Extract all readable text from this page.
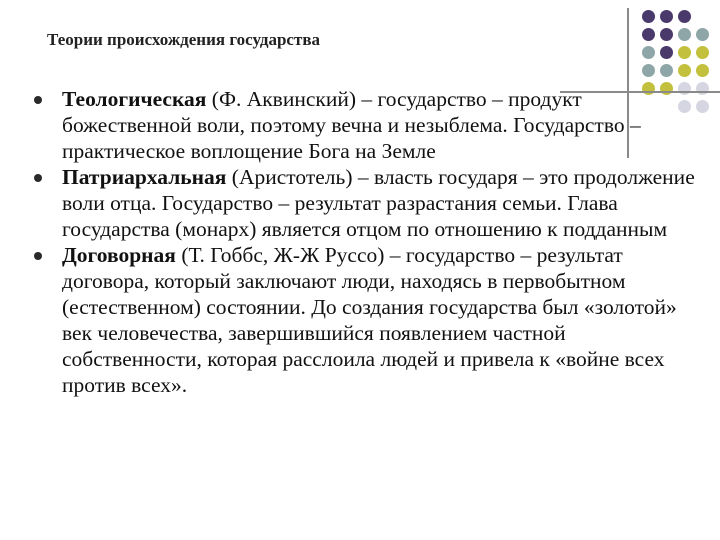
Теории происхождения государства
Теологическая (Ф. Аквинский) – государство – продукт божественной воли, поэтому вечна и незыблема. Государство – практическое воплощение Бога на Земле
Патриархальная (Аристотель) – власть государя – это продолжение воли отца. Государство – результат разрастания семьи. Глава государства (монарх) является отцом по отношению к подданным
Договорная (Т. Гоббс, Ж-Ж Руссо) – государство – результат договора, который заключают люди, находясь в первобытном (естественном) состоянии. До создания государства был «золотой» век человечества, завершившийся появлением частной собственности, которая расслоила людей и привела к «войне всех против всех».
